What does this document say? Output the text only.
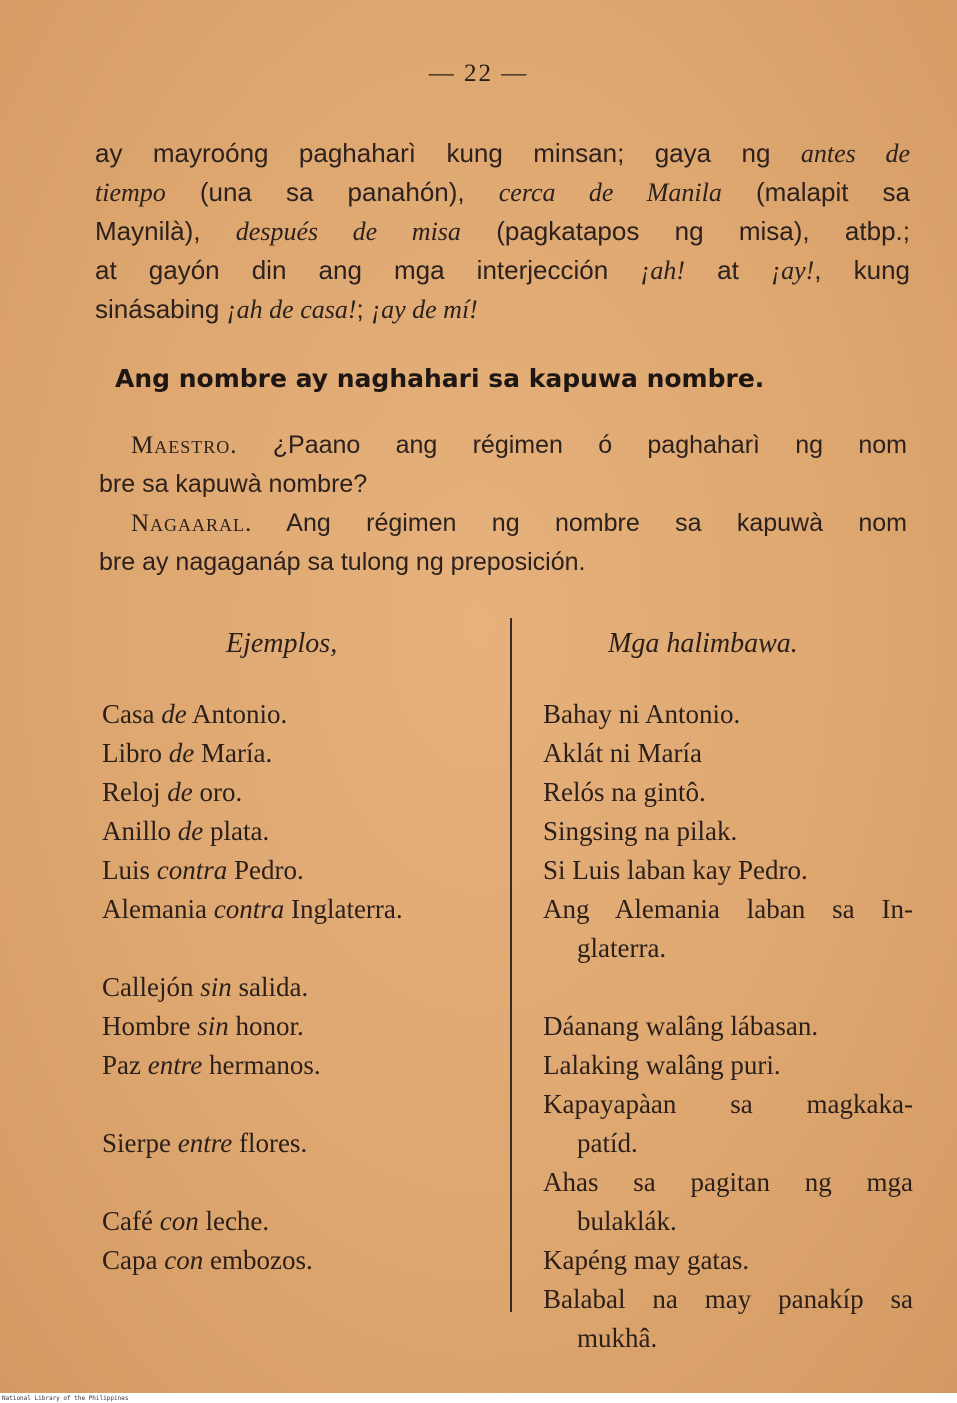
— 22 —
ay mayroóng paghaharì kung minsan; gaya ng antes de
tiempo (una sa panahón), cerca de Manila (malapit sa
Maynilà), después de misa (pagkatapos ng misa), atbp.;
at gayón din ang mga interjección ¡ah! at ¡ay!, kung
sinásabing ¡ah de casa!; ¡ay de mí!
Ang nombre ay naghahari sa kapuwa nombre.
Maestro. ¿Paano ang régimen ó paghaharì ng nom
bre sa kapuwà nombre?
Nagaaral. Ang régimen ng nombre sa kapuwà nom
bre ay nagaganáp sa tulong ng preposición.
Ejemplos,	Mga halimbawa.
Casa de Antonio.
Libro de María.
Reloj de oro.
Anillo de plata.
Luis contra Pedro.
Alemania contra Inglaterra.
Callejón sin salida.
Hombre sin honor.
Paz entre hermanos.
Sierpe entre flores.
Café con leche.
Capa con embozos.
Bahay ni Antonio.
Aklát ni María
Relós na gintô.
Singsing na pilak.
Si Luis laban kay Pedro.
Ang Alemania laban sa In-
glaterra.
Dáanang walâng lábasan.
Lalaking walâng puri.
Kapayapàan sa magkaka-
patíd.
Ahas sa pagitan ng mga
bulaklák.
Kapéng may gatas.
Balabal na may panakíp sa
mukhâ.
National Library of the Philippines
